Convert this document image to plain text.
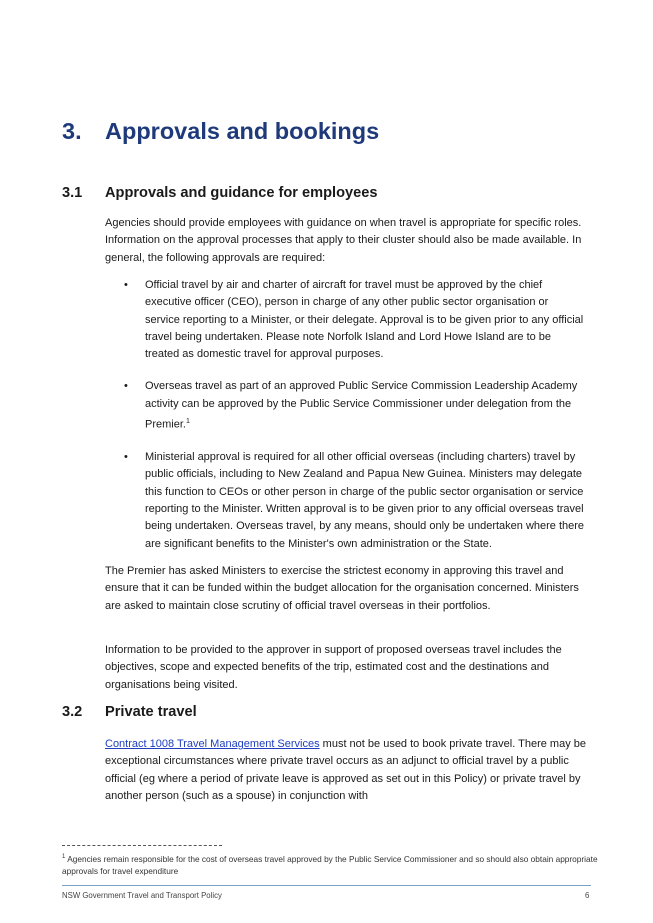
3. Approvals and bookings
3.1 Approvals and guidance for employees

Agencies should provide employees with guidance on when travel is appropriate for specific roles. Information on the approval processes that apply to their cluster should also be made available. In general, the following approvals are required:

• Official travel by air and charter of aircraft for travel must be approved by the chief executive officer (CEO), person in charge of any other public sector organisation or service reporting to a Minister, or their delegate. Approval is to be given prior to any official travel being undertaken. Please note Norfolk Island and Lord Howe Island are to be treated as domestic travel for approval purposes.
• Overseas travel as part of an approved Public Service Commission Leadership Academy activity can be approved by the Public Service Commissioner under delegation from the Premier.$^1$
• Ministerial approval is required for all other official overseas (including charters) travel by public officials, including to New Zealand and Papua New Guinea. Ministers may delegate this function to CEOs or other person in charge of the public sector organisation or service reporting to the Minister. Written approval is to be given prior to any official overseas travel being undertaken. Overseas travel, by any means, should only be undertaken where there are significant benefits to the Minister's own administration or the State.

The Premier has asked Ministers to exercise the strictest economy in approving this travel and ensure that it can be funded within the budget allocation for the organisation concerned. Ministers are asked to maintain close scrutiny of official travel overseas in their portfolios.

Information to be provided to the approver in support of proposed overseas travel includes the objectives, scope and expected benefits of the trip, estimated cost and the destinations and organisations being visited.

3.2 Private travel

Contract 1008 Travel Management Services must not be used to book private travel. There may be exceptional circumstances where private travel occurs as an adjunct to official travel by a public official (eg where a period of private leave is approved as set out in this Policy) or private travel by another person (such as a spouse) in conjunction with

$^1$ Agencies remain responsible for the cost of overseas travel approved by the Public Service Commissioner and so should also obtain appropriate approvals for travel expenditure

NSW Government Travel and Transport Policy	6
